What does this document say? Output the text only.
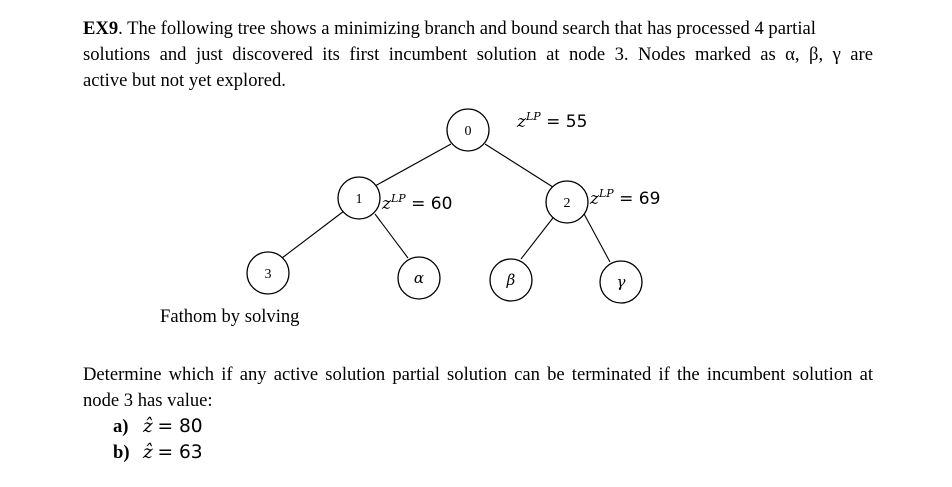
EX9. The following tree shows a minimizing branch and bound search that has processed 4 partial
solutions and just discovered its first incumbent solution at node 3. Nodes marked as α, β, γ are
active but not yet explored.
0
1	2
3	α	β	γ
$z^{LP} = 55$
$z^{LP} = 60$	$z^{LP} = 69$
Fathom by solving
Determine which if any active solution partial solution can be terminated if the incumbent solution at node 3 has value:
a) ẑ = 80
b) ẑ = 63
